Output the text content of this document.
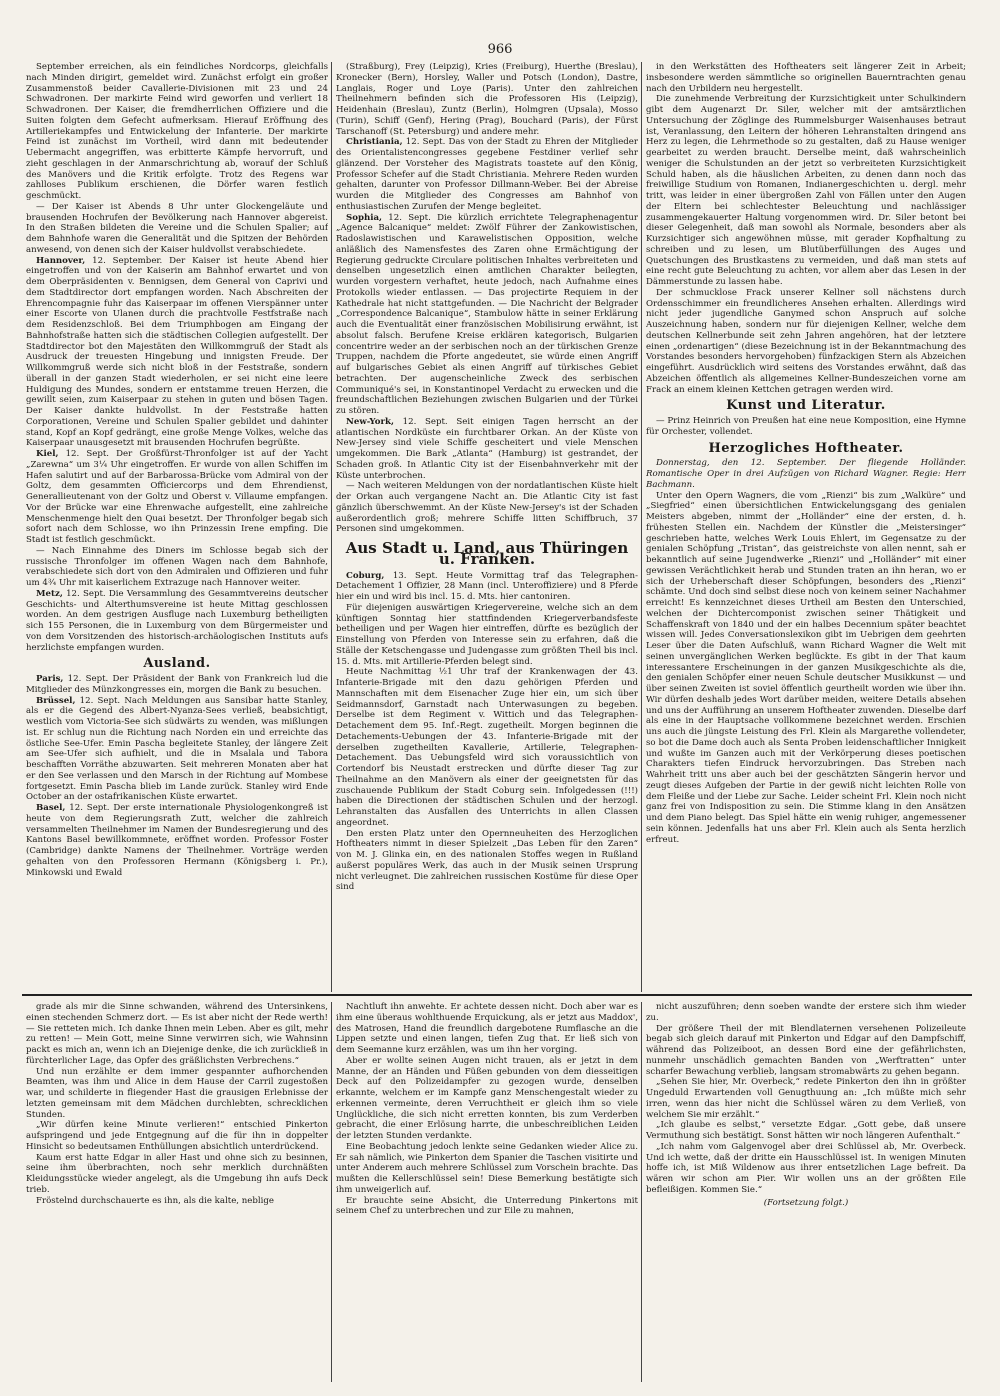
966

September erreichen, als ein feindliches Nordcorps, gleichfalls nach Minden dirigirt, gemeldet wird. Zunächst erfolgt ein großer Zusammenstoß beider Cavallerie-Divisionen mit 23 und 24 Schwadronen. Der markirte Feind wird geworfen und verliert 18 Schwadronen. Der Kaiser, die fremdherrlichen Offiziere und die Suiten folgten dem Gefecht aufmerksam. Hierauf Eröffnung des Artilleriekampfes und Entwickelung der Infanterie. Der markirte Feind ist zunächst im Vortheil, wird dann mit bedeutender Uebermacht angegriffen, was erbitterte Kämpfe hervorruft, und zieht geschlagen in der Anmarschrichtung ab, worauf der Schluß des Manövers und die Kritik erfolgte. Trotz des Regens war zahlloses Publikum erschienen, die Dörfer waren festlich geschmückt.

— Der Kaiser ist Abends 8 Uhr unter Glockengeläute und brausenden Hochrufen der Bevölkerung nach Hannover abgereist. In den Straßen bildeten die Vereine und die Schulen Spalier; auf dem Bahnhofe waren die Generalität und die Spitzen der Behörden anwesend, von denen sich der Kaiser huldvollst verabschiedete.

Hannover, 12. September. Der Kaiser ist heute Abend hier eingetroffen und von der Kaiserin am Bahnhof erwartet und von dem Oberpräsidenten v. Bennigsen, dem General von Caprivi und dem Stadtdirector dort empfangen worden. Nach Abschreiten der Ehrencompagnie fuhr das Kaiserpaar im offenen Vierspänner unter einer Escorte von Ulanen durch die prachtvolle Festfstraße nach dem Residenzschloß. Bei dem Triumphbogen am Eingang der Bahnhofstraße hatten sich die städtischen Collegien aufgestellt. Der Stadtdirector bot den Majestäten den Willkommgruß der Stadt als Ausdruck der treuesten Hingebung und innigsten Freude. Der Willkommgruß werde sich nicht bloß in der Feststraße, sondern überall in der ganzen Stadt wiederholen, er sei nicht eine leere Huldigung des Mundes, sondern er entstamme treuen Herzen, die gewillt seien, zum Kaiserpaar zu stehen in guten und bösen Tagen. Der Kaiser dankte huldvollst. In der Feststraße hatten Corporationen, Vereine und Schulen Spalier gebildet und dahinter stand, Kopf an Kopf gedrängt, eine große Menge Volkes, welche das Kaiserpaar unausgesetzt mit brausenden Hochrufen begrüßte.

Kiel, 12. Sept. Der Großfürst-Thronfolger ist auf der Yacht „Zarewna“ um 3¼ Uhr eingetroffen. Er wurde von allen Schiffen im Hafen salutirt und auf der Barbarossa-Brücke vom Admiral von der Goltz, dem gesammten Officiercorps und dem Ehrendienst, Generallieutenant von der Goltz und Oberst v. Villaume empfangen. Vor der Brücke war eine Ehrenwache aufgestellt, eine zahlreiche Menschenmenge hielt den Quai besetzt. Der Thronfolger begab sich sofort nach dem Schlosse, wo ihn Prinzessin Irene empfing. Die Stadt ist festlich geschmückt.

— Nach Einnahme des Diners im Schlosse begab sich der russische Thronfolger im offenen Wagen nach dem Bahnhofe, verabschiedete sich dort von den Admiralen und Offizieren und fuhr um 4¾ Uhr mit kaiserlichem Extrazuge nach Hannover weiter.

Metz, 12. Sept. Die Versammlung des Gesammtvereins deutscher Geschichts- und Alterthumsvereine ist heute Mittag geschlossen worden. An dem gestrigen Ausfluge nach Luxemburg betheiligten sich 155 Personen, die in Luxemburg von dem Bürgermeister und von dem Vorsitzenden des historisch-archäologischen Instituts aufs herzlichste empfangen wurden.

Ausland.

Paris, 12. Sept. Der Präsident der Bank von Frankreich lud die Mitglieder des Münzkongresses ein, morgen die Bank zu besuchen.

Brüssel, 12. Sept. Nach Meldungen aus Sansibar hatte Stanley, als er die Gegend des Albert-Nyanza-Sees verließ, beabsichtigt, westlich vom Victoria-See sich südwärts zu wenden, was mißlungen ist. Er schlug nun die Richtung nach Norden ein und erreichte das östliche See-Ufer. Emin Pascha begleitete Stanley, der längere Zeit am See-Ufer sich aufhielt, und die in Msalala und Tabora beschafften Vorräthe abzuwarten. Seit mehreren Monaten aber hat er den See verlassen und den Marsch in der Richtung auf Mombese fortgesetzt. Emin Pascha blieb im Lande zurück. Stanley wird Ende October an der ostafrikanischen Küste erwartet.

Basel, 12. Sept. Der erste internationale Physiologenkongreß ist heute von dem Regierungsrath Zutt, welcher die zahlreich versammelten Theilnehmer im Namen der Bundesregierung und des Kantons Basel bewillkommnete, eröffnet worden. Professor Foster (Cambridge) dankte Namens der Theilnehmer. Vorträge werden gehalten von den Professoren Hermann (Königsberg i. Pr.), Minkowski und Ewald

(Straßburg), Frey (Leipzig), Kries (Freiburg), Huerthe (Breslau), Kronecker (Bern), Horsley, Waller und Potsch (London), Dastre, Langlais, Roger und Loye (Paris). Unter den zahlreichen Theilnehmern befinden sich die Professoren His (Leipzig), Heidenhain (Breslau), Zuntz (Berlin), Holmgren (Upsala), Mosso (Turin), Schiff (Genf), Hering (Prag), Bouchard (Paris), der Fürst Tarschanoff (St. Petersburg) und andere mehr.

Christiania, 12. Sept. Das von der Stadt zu Ehren der Mitglieder des Orientalistencongresses gegebene Festdiner verlief sehr glänzend. Der Vorsteher des Magistrats toastete auf den König, Professor Schefer auf die Stadt Christiania. Mehrere Reden wurden gehalten, darunter von Professor Dillmann-Weber. Bei der Abreise wurden die Mitglieder des Congresses am Bahnhof von enthusiastischen Zurufen der Menge begleitet.

Sophia, 12. Sept. Die kürzlich errichtete Telegraphenagentur „Agence Balcanique“ meldet: Zwölf Führer der Zankowistischen, Radoslawistischen und Karawelistischen Opposition, welche anläßlich des Namensfestes des Zaren ohne Ermächtigung der Regierung gedruckte Circulare politischen Inhaltes verbreiteten und denselben ungesetzlich einen amtlichen Charakter beilegten, wurden vorgestern verhaftet, heute jedoch, nach Aufnahme eines Protokolls wieder entlassen. — Das projectirte Requiem in der Kathedrale hat nicht stattgefunden. — Die Nachricht der Belgrader „Correspondence Balcanique“, Stambulow hätte in seiner Erklärung auch die Eventualität einer französischen Mobilisirung erwähnt, ist absolut falsch. Berufene Kreise erklären kategorisch, Bulgarien concentrire weder an der serbischen noch an der türkischen Grenze Truppen, nachdem die Pforte angedeutet, sie würde einen Angriff auf bulgarisches Gebiet als einen Angriff auf türkisches Gebiet betrachten. Der augenscheinliche Zweck des serbischen Communiqué's sei, in Konstantinopel Verdacht zu erwecken und die freundschaftlichen Beziehungen zwischen Bulgarien und der Türkei zu stören.

New-York, 12. Sept. Seit einigen Tagen herrscht an der atlantischen Nordküste ein furchtbarer Orkan. An der Küste von New-Jersey sind viele Schiffe gescheitert und viele Menschen umgekommen. Die Bark „Atlanta“ (Hamburg) ist gestrandet, der Schaden groß. In Atlantic City ist der Eisenbahnverkehr mit der Küste unterbrochen.

— Nach weiteren Meldungen von der nordatlantischen Küste hielt der Orkan auch vergangene Nacht an. Die Atlantic City ist fast gänzlich überschwemmt. An der Küste New-Jersey's ist der Schaden außerordentlich groß; mehrere Schiffe litten Schiffbruch, 37 Personen sind umgekommen.

Aus Stadt u. Land, aus Thüringen u. Franken.

Coburg, 13. Sept. Heute Vormittag traf das Telegraphen-Detachement 1 Offizier, 28 Mann (incl. Unteroffiziere) und 8 Pferde hier ein und wird bis incl. 15. d. Mts. hier cantoniren.

Für diejenigen auswärtigen Kriegervereine, welche sich an dem künftigen Sonntag hier stattfindenden Kriegerverbandsfeste betheiligen und per Wagen hier eintreffen, dürfte es bezüglich der Einstellung von Pferden von Interesse sein zu erfahren, daß die Ställe der Ketschengasse und Judengasse zum größten Theil bis incl. 15. d. Mts. mit Artillerie-Pferden belegt sind.

Heute Nachmittag ½1 Uhr traf der Krankenwagen der 43. Infanterie-Brigade mit den dazu gehörigen Pferden und Mannschaften mit dem Eisenacher Zuge hier ein, um sich über Seidmannsdorf, Garnstadt nach Unterwasungen zu begeben. Derselbe ist dem Regiment v. Wittich und das Telegraphen-Detachement dem 95. Inf.-Regt. zugetheilt. Morgen beginnen die Detachements-Uebungen der 43. Infanterie-Brigade mit der derselben zugetheilten Kavallerie, Artillerie, Telegraphen-Detachement. Das Uebungsfeld wird sich voraussichtlich von Cortendorf bis Neustadt erstrecken und dürfte dieser Tag zur Theilnahme an den Manövern als einer der geeignetsten für das zuschauende Publikum der Stadt Coburg sein. Infolgedessen (!!!) haben die Directionen der städtischen Schulen und der herzogl. Lehranstalten das Ausfallen des Unterrichts in allen Classen angeordnet.

Den ersten Platz unter den Opernneuheiten des Herzoglichen Hoftheaters nimmt in dieser Spielzeit „Das Leben für den Zaren“ von M. J. Glinka ein, en des nationalen Stoffes wegen in Rußland außerst populäres Werk, das auch in der Musik seinen Ursprung nicht verleugnet. Die zahlreichen russischen Kostüme für diese Oper sind

in den Werkstätten des Hoftheaters seit längerer Zeit in Arbeit; insbesondere werden sämmtliche so originellen Bauerntrachten genau nach den Urbildern neu hergestellt.

Die zunehmende Verbreitung der Kurzsichtigkeit unter Schulkindern gibt dem Augenarzt Dr. Siler, welcher mit der amtsärztlichen Untersuchung der Zöglinge des Rummelsburger Waisenhauses betraut ist, Veranlassung, den Leitern der höheren Lehranstalten dringend ans Herz zu legen, die Lehrmethode so zu gestalten, daß zu Hause weniger gearbeitet zu werden braucht. Derselbe meint, daß wahrscheinlich weniger die Schulstunden an der jetzt so verbreiteten Kurzsichtigkeit Schuld haben, als die häuslichen Arbeiten, zu denen dann noch das freiwillige Studium von Romanen, Indianergeschichten u. dergl. mehr tritt, was leider in einer übergroßen Zahl von Fällen unter den Augen der Eltern bei schlechtester Beleuchtung und nachlässiger zusammengekauerter Haltung vorgenommen wird. Dr. Siler betont bei dieser Gelegenheit, daß man sowohl als Normale, besonders aber als Kurzsichtiger sich angewöhnen müsse, mit gerader Kopfhaltung zu schreiben und zu lesen, um Blutüberfüllungen des Auges und Quetschungen des Brustkastens zu vermeiden, und daß man stets auf eine recht gute Beleuchtung zu achten, vor allem aber das Lesen in der Dämmerstunde zu lassen habe.

Der schmucklose Frack unserer Kellner soll nächstens durch Ordensschimmer ein freundlicheres Ansehen erhalten. Allerdings wird nicht jeder jugendliche Ganymed schon Anspruch auf solche Auszeichnung haben, sondern nur für diejenigen Kellner, welche dem deutschen Kellnerbunde seit zehn Jahren angehören, hat der letztere einen „ordenartigen“ (diese Bezeichnung ist in der Bekanntmachung des Vorstandes besonders hervorgehoben) fünfzackigen Stern als Abzeichen eingeführt. Ausdrücklich wird seitens des Vorstandes erwähnt, daß das Abzeichen öffentlich als allgemeines Kellner-Bundeszeichen vorne am Frack an einem kleinen Kettchen getragen werden wird.

Kunst und Literatur.

— Prinz Heinrich von Preußen hat eine neue Komposition, eine Hymne für Orchester, vollendet.

Herzogliches Hoftheater.

Donnerstag, den 12. September. Der fliegende Holländer. Romantische Oper in drei Aufzügen von Richard Wagner. Regie: Herr Bachmann.

Unter den Opern Wagners, die vom „Rienzi“ bis zum „Walküre“ und „Siegfried“ einen übersichtlichen Entwickelungsgang des genialen Meisters abgeben, nimmt der „Holländer“ eine der ersten, d. h. frühesten Stellen ein. Nachdem der Künstler die „Meistersinger“ geschrieben hatte, welches Werk Louis Ehlert, im Gegensatze zu der genialen Schöpfung „Tristan“, das geistreichste von allen nennt, sah er bekanntlich auf seine Jugendwerke „Rienzi“ und „Holländer“ mit einer gewissen Verächtlichkeit herab und Stunden traten an ihn heran, wo er sich der Urheberschaft dieser Schöpfungen, besonders des „Rienzi“ schämte. Und doch sind selbst diese noch von keinem seiner Nachahmer erreicht! Es kennzeichnet dieses Urtheil am Besten den Unterschied, welchen der Dichtercomponist zwischen seiner Thätigkeit und Schaffenskraft von 1840 und der ein halbes Decennium später beachtet wissen will. Jedes Conversationslexikon gibt im Uebrigen dem geehrten Leser über die Daten Aufschluß, wann Richard Wagner die Welt mit seinen unvergänglichen Werken beglückte. Es gibt in der That kaum interessantere Erscheinungen in der ganzen Musikgeschichte als die, den genialen Schöpfer einer neuen Schule deutscher Musikkunst — und über seinen Zweiten ist soviel öffentlich geurtheilt worden wie über ihn. Wir dürfen deshalb jedes Wort darüber meiden, weitere Details absehen und uns der Aufführung an unserem Hoftheater zuwenden. Dieselbe darf als eine in der Hauptsache vollkommene bezeichnet werden. Erschien uns auch die jüngste Leistung des Frl. Klein als Margarethe vollendeter, so bot die Dame doch auch als Senta Proben leidenschaftlicher Innigkeit und wußte im Ganzen auch mit der Verkörperung dieses poetischen Charakters tiefen Eindruck hervorzubringen. Das Streben nach Wahrheit tritt uns aber auch bei der geschätzten Sängerin hervor und zeugt dieses Aufgeben der Partie in der gewiß nicht leichten Rolle von dem Fleiße und der Liebe zur Sache. Leider scheint Frl. Klein noch nicht ganz frei von Indisposition zu sein. Die Stimme klang in den Ansätzen und dem Piano belegt. Das Spiel hätte ein wenig ruhiger, angemessener sein können. Jedenfalls hat uns aber Frl. Klein auch als Senta herzlich erfreut.

grade als mir die Sinne schwanden, während des Untersinkens, einen stechenden Schmerz dort. — Es ist aber nicht der Rede werth! — Sie retteten mich. Ich danke Ihnen mein Leben. Aber es gilt, mehr zu retten! — Mein Gott, meine Sinne verwirren sich, wie Wahnsinn packt es mich an, wenn ich an Diejenige denke, die ich zurückließ in fürchterlicher Lage, das Opfer des gräßlichsten Verbrechens.“

Und nun erzählte er dem immer gespannter aufhorchenden Beamten, was ihm und Alice in dem Hause der Carril zugestoßen war, und schilderte in fliegender Hast die grausigen Erlebnisse der letzten gemeinsam mit dem Mädchen durchlebten, schrecklichen Stunden.

„Wir dürfen keine Minute verlieren!“ entschied Pinkerton aufspringend und jede Entgegnung auf die für ihn in doppelter Hinsicht so bedeutsamen Enthüllungen absichtlich unterdrückend.

Kaum erst hatte Edgar in aller Hast und ohne sich zu besinnen, seine ihm überbrachten, noch sehr merklich durchnäßten Kleidungsstücke wieder angelegt, als die Umgebung ihn aufs Deck trieb.

Fröstelnd durchschauerte es ihn, als die kalte, neblige

Nachtluft ihn anwehte. Er achtete dessen nicht. Doch aber war es ihm eine überaus wohlthuende Erquickung, als er jetzt aus Maddox', des Matrosen, Hand die freundlich dargebotene Rumflasche an die Lippen setzte und einen langen, tiefen Zug that. Er ließ sich von dem Seemanne kurz erzählen, was um ihn her vorging.

Aber er wollte seinen Augen nicht trauen, als er jetzt in dem Manne, der an Händen und Füßen gebunden von dem diesseitigen Deck auf den Polizeidampfer zu gezogen wurde, denselben erkannte, welchem er im Kampfe ganz Menschengestalt wieder zu erkennen vermeinte, deren Verruchtheit er gleich ihm so viele Unglückliche, die sich nicht erretten konnten, bis zum Verderben gebracht, die einer Erlösung harrte, die unbeschreiblichen Leiden der letzten Stunden verdankte.

Eine Beobachtung jedoch lenkte seine Gedanken wieder Alice zu. Er sah nämlich, wie Pinkerton dem Spanier die Taschen visitirte und unter Anderem auch mehrere Schlüssel zum Vorschein brachte. Das mußten die Kellerschlüssel sein! Diese Bemerkung bestätigte sich ihm unweigerlich auf.

Er brauchte seine Absicht, die Unterredung Pinkertons mit seinem Chef zu unterbrechen und zur Eile zu mahnen,

nicht auszuführen; denn soeben wandte der erstere sich ihm wieder zu.

Der größere Theil der mit Blendlaternen versehenen Polizeileute begab sich gleich darauf mit Pinkerton und Edgar auf den Dampfschiff, während das Polizeiboot, an dessen Bord eine der gefährlichsten, nunmehr unschädlich gemachten Banden von „Werftratten“ unter scharfer Bewachung verblieb, langsam stromabwärts zu gehen begann.

„Sehen Sie hier, Mr. Overbeck,“ redete Pinkerton den ihn in größter Ungeduld Erwartenden voll Genugthuung an: „Ich müßte mich sehr irren, wenn das hier nicht die Schlüssel wären zu dem Verließ, von welchem Sie mir erzählt.“

„Ich glaube es selbst,“ versetzte Edgar. „Gott gebe, daß unsere Vermuthung sich bestätigt. Sonst hätten wir noch längeren Aufenthalt.“

„Ich nahm vom Galgenvogel aber drei Schlüssel ab, Mr. Overbeck. Und ich wette, daß der dritte ein Hausschlüssel ist. In wenigen Minuten hoffe ich, ist Miß Wildenow aus ihrer entsetzlichen Lage befreit. Da wären wir schon am Pier. Wir wollen uns an der größten Eile befleißigen. Kommen Sie.“

(Fortsetzung folgt.)
